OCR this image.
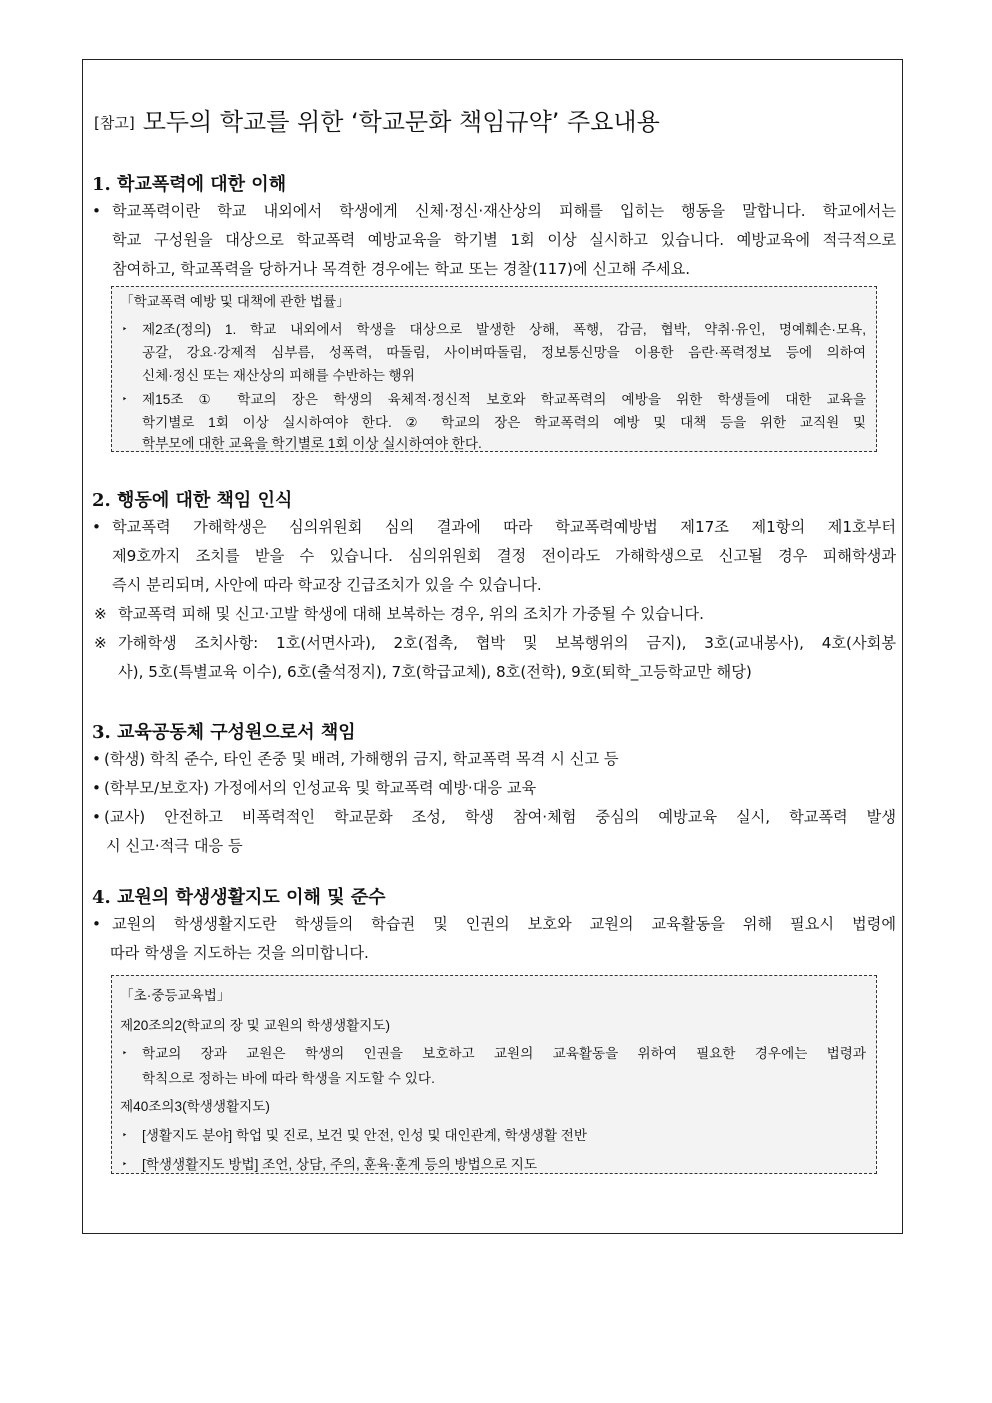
[참고] 모두의 학교를 위한 ‘학교문화 책임규약’ 주요내용
1. 학교폭력에 대한 이해
• 학교폭력이란 학교 내외에서 학생에게 신체·정신·재산상의 피해를 입히는 행동을 말합니다. 학교에서는
학교 구성원을 대상으로 학교폭력 예방교육을 학기별 1회 이상 실시하고 있습니다. 예방교육에 적극적으로
참여하고, 학교폭력을 당하거나 목격한 경우에는 학교 또는 경찰(117)에 신고해 주세요.
「학교폭력 예방 및 대책에 관한 법률」
‣ 제2조(정의) 1. 학교 내외에서 학생을 대상으로 발생한 상해, 폭행, 감금, 협박, 약취·유인, 명예훼손·모욕,
공갈, 강요·강제적 심부름, 성폭력, 따돌림, 사이버따돌림, 정보통신망을 이용한 음란·폭력정보 등에 의하여
신체·정신 또는 재산상의 피해를 수반하는 행위
‣ 제15조 ① 학교의 장은 학생의 육체적·정신적 보호와 학교폭력의 예방을 위한 학생들에 대한 교육을
학기별로 1회 이상 실시하여야 한다. ② 학교의 장은 학교폭력의 예방 및 대책 등을 위한 교직원 및
학부모에 대한 교육을 학기별로 1회 이상 실시하여야 한다.
2. 행동에 대한 책임 인식
• 학교폭력 가해학생은 심의위원회 심의 결과에 따라 학교폭력예방법 제17조 제1항의 제1호부터
제9호까지 조치를 받을 수 있습니다. 심의위원회 결정 전이라도 가해학생으로 신고될 경우 피해학생과
즉시 분리되며, 사안에 따라 학교장 긴급조치가 있을 수 있습니다.
※ 학교폭력 피해 및 신고·고발 학생에 대해 보복하는 경우, 위의 조치가 가중될 수 있습니다.
※ 가해학생 조치사항: 1호(서면사과), 2호(접촉, 협박 및 보복행위의 금지), 3호(교내봉사), 4호(사회봉
사), 5호(특별교육 이수), 6호(출석정지), 7호(학급교체), 8호(전학), 9호(퇴학_고등학교만 해당)
3. 교육공동체 구성원으로서 책임
• (학생) 학칙 준수, 타인 존중 및 배려, 가해행위 금지, 학교폭력 목격 시 신고 등
• (학부모/보호자) 가정에서의 인성교육 및 학교폭력 예방·대응 교육
• (교사) 안전하고 비폭력적인 학교문화 조성, 학생 참여·체험 중심의 예방교육 실시, 학교폭력 발생
시 신고·적극 대응 등
4. 교원의 학생생활지도 이해 및 준수
• 교원의 학생생활지도란 학생들의 학습권 및 인권의 보호와 교원의 교육활동을 위해 필요시 법령에
따라 학생을 지도하는 것을 의미합니다.
「초·중등교육법」
제20조의2(학교의 장 및 교원의 학생생활지도)
‣ 학교의 장과 교원은 학생의 인권을 보호하고 교원의 교육활동을 위하여 필요한 경우에는 법령과
학칙으로 정하는 바에 따라 학생을 지도할 수 있다.
제40조의3(학생생활지도)
‣ [생활지도 분야] 학업 및 진로, 보건 및 안전, 인성 및 대인관계, 학생생활 전반
‣ [학생생활지도 방법] 조언, 상담, 주의, 훈육·훈계 등의 방법으로 지도
